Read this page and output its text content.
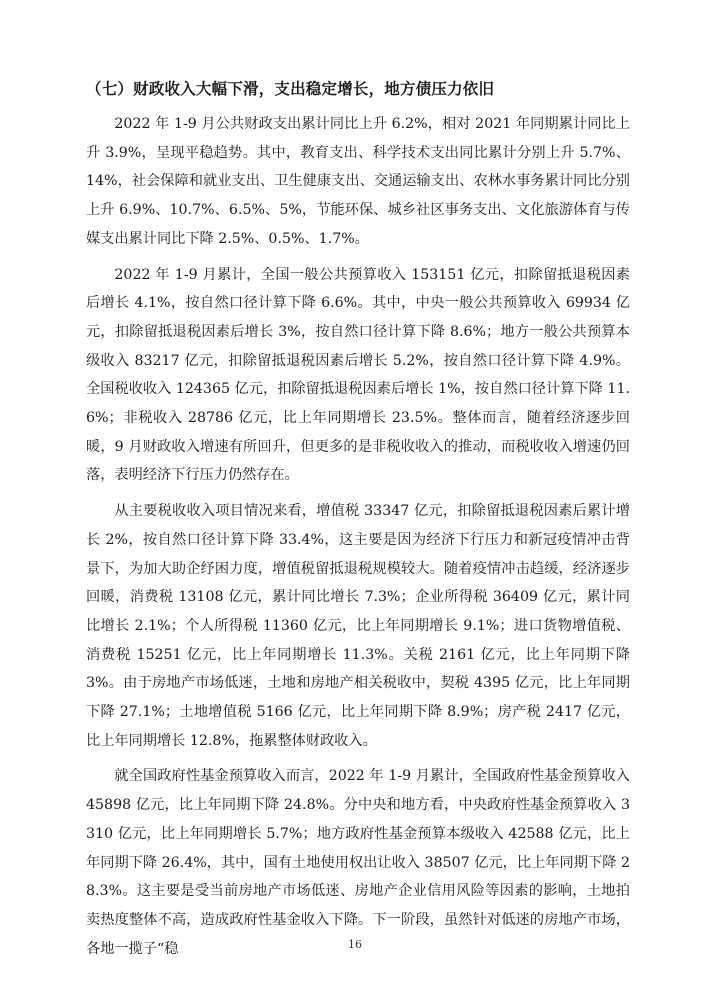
（七）财政收入大幅下滑，支出稳定增长，地方债压力依旧

2022 年 1-9 月公共财政支出累计同比上升 6.2%，相对 2021 年同期累计同比上升 3.9%，呈现平稳趋势。其中，教育支出、科学技术支出同比累计分别上升 5.7%、14%，社会保障和就业支出、卫生健康支出、交通运输支出、农林水事务累计同比分别上升 6.9%、10.7%、6.5%、5%，节能环保、城乡社区事务支出、文化旅游体育与传媒支出累计同比下降 2.5%、0.5%、1.7%。

2022 年 1-9 月累计，全国一般公共预算收入 153151 亿元，扣除留抵退税因素后增长 4.1%，按自然口径计算下降 6.6%。其中，中央一般公共预算收入 69934 亿元，扣除留抵退税因素后增长 3%，按自然口径计算下降 8.6%；地方一般公共预算本级收入 83217 亿元，扣除留抵退税因素后增长 5.2%，按自然口径计算下降 4.9%。全国税收收入 124365 亿元，扣除留抵退税因素后增长 1%，按自然口径计算下降 11.6%；非税收入 28786 亿元，比上年同期增长 23.5%。整体而言，随着经济逐步回暖，9 月财政收入增速有所回升，但更多的是非税收收入的推动，而税收收入增速仍回落，表明经济下行压力仍然存在。

从主要税收收入项目情况来看，增值税 33347 亿元，扣除留抵退税因素后累计增长 2%，按自然口径计算下降 33.4%，这主要是因为经济下行压力和新冠疫情冲击背景下，为加大助企纾困力度，增值税留抵退税规模较大。随着疫情冲击趋缓，经济逐步回暖，消费税 13108 亿元，累计同比增长 7.3%；企业所得税 36409 亿元，累计同比增长 2.1%；个人所得税 11360 亿元，比上年同期增长 9.1%；进口货物增值税、消费税 15251 亿元，比上年同期增长 11.3%。关税 2161 亿元，比上年同期下降 3%。由于房地产市场低迷，土地和房地产相关税收中，契税 4395 亿元，比上年同期下降 27.1%；土地增值税 5166 亿元，比上年同期下降 8.9%；房产税 2417 亿元，比上年同期增长 12.8%，拖累整体财政收入。

就全国政府性基金预算收入而言，2022 年 1-9 月累计，全国政府性基金预算收入 45898 亿元，比上年同期下降 24.8%。分中央和地方看，中央政府性基金预算收入 3310 亿元，比上年同期增长 5.7%；地方政府性基金预算本级收入 42588 亿元，比上年同期下降 26.4%，其中，国有土地使用权出让收入 38507 亿元，比上年同期下降 28.3%。这主要是受当前房地产市场低迷、房地产企业信用风险等因素的影响，土地拍卖热度整体不高，造成政府性基金收入下降。下一阶段，虽然针对低迷的房地产市场，各地一揽子“稳	16
